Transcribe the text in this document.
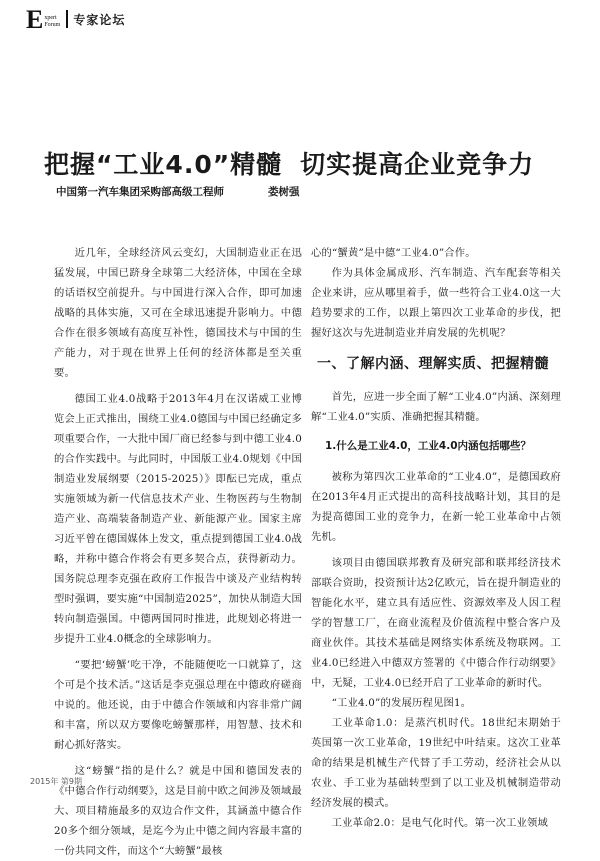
E xpert
Forum 专家论坛
把握“工业4.0”精髓 切实提高企业竞争力
中国第一汽车集团采购部高级工程师	娄树强

近几年，全球经济风云变幻，大国制造业正在迅猛发展，中国已跻身全球第二大经济体，中国在全球的话语权空前提升。与中国进行深入合作，即可加速战略的具体实施，又可在全球迅速提升影响力。中德合作在很多领域有高度互补性，德国技术与中国的生产能力，对于现在世界上任何的经济体都是至关重要。

德国工业4.0战略于2013年4月在汉诺威工业博览会上正式推出，围绕工业4.0德国与中国已经确定多项重要合作，一大批中国厂商已经参与到中德工业4.0的合作实践中。与此同时，中国版工业4.0规划《中国制造业发展纲要（2015-2025）》即酝已完成，重点实施领域为新一代信息技术产业、生物医药与生物制造产业、高端装备制造产业、新能源产业。国家主席习近平曾在德国媒体上发文，重点提到德国工业4.0战略，并称中德合作将会有更多契合点，获得新动力。国务院总理李克强在政府工作报告中谈及产业结构转型时强调，要实施“中国制造2025”，加快从制造大国转向制造强国。中德两国同时推进，此规划必将进一步提升工业4.0概念的全球影响力。

“要把‘螃蟹’吃干净，不能随便吃一口就算了，这个可是个技术活。”这话是李克强总理在中德政府磋商中说的。他还说，由于中德合作领域和内容非常广阔和丰富，所以双方要像吃螃蟹那样，用智慧、技术和耐心抓好落实。

这“螃蟹”指的是什么？就是中国和德国发表的《中德合作行动纲要》，这是目前中欧之间涉及领域最大、项目精施最多的双边合作文件，其涵盖中德合作20多个细分领域，是迄今为止中德之间内容最丰富的一份共同文件，而这个“大螃蟹”最核

心的“蟹黄”是中德“工业4.0”合作。

作为具体金属成形、汽车制造、汽车配套等相关企业来讲，应从哪里着手，做一些符合工业4.0这一大趋势要求的工作，以跟上第四次工业革命的步伐，把握好这次与先进制造业并肩发展的先机呢？

一、了解内涵、理解实质、把握精髓

首先，应进一步全面了解“工业4.0”内涵、深刻理解“工业4.0”实质、准确把握其精髓。

1.什么是工业4.0，工业4.0内涵包括哪些？

被称为第四次工业革命的“工业4.0”，是德国政府在2013年4月正式提出的高科技战略计划，其目的是为提高德国工业的竞争力，在新一轮工业革命中占领先机。

该项目由德国联邦教育及研究部和联邦经济技术部联合资助，投资预计达2亿欧元，旨在提升制造业的智能化水平，建立具有适应性、资源效率及人因工程学的智慧工厂，在商业流程及价值流程中整合客户及商业伙伴。其技术基础是网络实体系统及物联网。工业4.0已经进入中德双方签署的《中德合作行动纲要》中，无疑，工业4.0已经开启了工业革命的新时代。

“工业4.0”的发展历程见图1。

工业革命1.0：是蒸汽机时代。18世纪末期始于英国第一次工业革命，19世纪中叶结束。这次工业革命的结果是机械生产代替了手工劳动，经济社会从以农业、手工业为基础转型到了以工业及机械制造带动经济发展的模式。

工业革命2.0：是电气化时代。第一次工业领域

2015年 第9期
